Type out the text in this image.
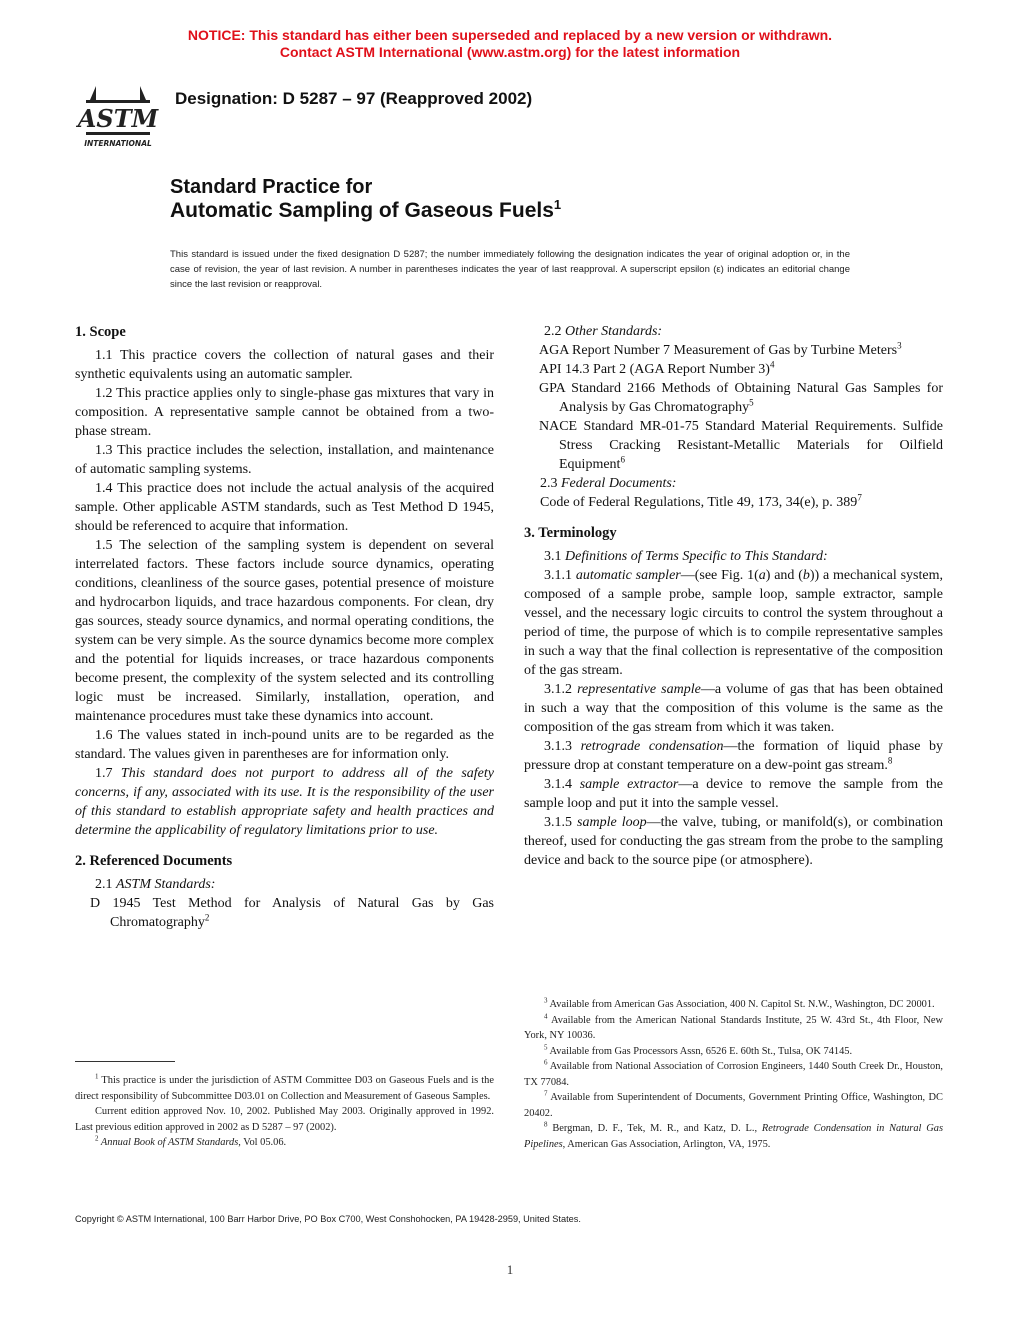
NOTICE: This standard has either been superseded and replaced by a new version or withdrawn.
Contact ASTM International (www.astm.org) for the latest information
ASTM
INTERNATIONAL
Designation: D 5287 – 97 (Reapproved 2002)
Standard Practice for
Automatic Sampling of Gaseous Fuels$^1$
This standard is issued under the fixed designation D 5287; the number immediately following the designation indicates the year of original adoption or, in the case of revision, the year of last revision. A number in parentheses indicates the year of last reapproval. A superscript epsilon (ε) indicates an editorial change since the last revision or reapproval.

1. Scope

1.1 This practice covers the collection of natural gases and their synthetic equivalents using an automatic sampler.

1.2 This practice applies only to single-phase gas mixtures that vary in composition. A representative sample cannot be obtained from a two-phase stream.

1.3 This practice includes the selection, installation, and maintenance of automatic sampling systems.

1.4 This practice does not include the actual analysis of the acquired sample. Other applicable ASTM standards, such as Test Method D 1945, should be referenced to acquire that information.

1.5 The selection of the sampling system is dependent on several interrelated factors. These factors include source dynamics, operating conditions, cleanliness of the source gases, potential presence of moisture and hydrocarbon liquids, and trace hazardous components. For clean, dry gas sources, steady source dynamics, and normal operating conditions, the system can be very simple. As the source dynamics become more complex and the potential for liquids increases, or trace hazardous components become present, the complexity of the system selected and its controlling logic must be increased. Similarly, installation, operation, and maintenance procedures must take these dynamics into account.

1.6 The values stated in inch-pound units are to be regarded as the standard. The values given in parentheses are for information only.

1.7 This standard does not purport to address all of the safety concerns, if any, associated with its use. It is the responsibility of the user of this standard to establish appropriate safety and health practices and determine the applicability of regulatory limitations prior to use.

2. Referenced Documents

2.1 ASTM Standards:

D 1945 Test Method for Analysis of Natural Gas by Gas Chromatography$^2$

2.2 Other Standards:

AGA Report Number 7 Measurement of Gas by Turbine Meters$^3$

API 14.3 Part 2 (AGA Report Number 3)$^4$

GPA Standard 2166 Methods of Obtaining Natural Gas Samples for Analysis by Gas Chromatography$^5$

NACE Standard MR-01-75 Standard Material Requirements. Sulfide Stress Cracking Resistant-Metallic Materials for Oilfield Equipment$^6$

2.3 Federal Documents:

Code of Federal Regulations, Title 49, 173, 34(e), p. $389^7$

3. Terminology

3.1 Definitions of Terms Specific to This Standard:

3.1.1 automatic sampler—(see Fig. 1(a) and (b)) a mechanical system, composed of a sample probe, sample loop, sample extractor, sample vessel, and the necessary logic circuits to control the system throughout a period of time, the purpose of which is to compile representative samples in such a way that the final collection is representative of the composition of the gas stream.

3.1.2 representative sample—a volume of gas that has been obtained in such a way that the composition of this volume is the same as the composition of the gas stream from which it was taken.

3.1.3 retrograde condensation—the formation of liquid phase by pressure drop at constant temperature on a dew-point gas stream.$^8$

3.1.4 sample extractor—a device to remove the sample from the sample loop and put it into the sample vessel.

3.1.5 sample loop—the valve, tubing, or manifold(s), or combination thereof, used for conducting the gas stream from the probe to the sampling device and back to the source pipe (or atmosphere).

$^1$ This practice is under the jurisdiction of ASTM Committee D03 on Gaseous Fuels and is the direct responsibility of Subcommittee D03.01 on Collection and Measurement of Gaseous Samples.

Current edition approved Nov. 10, 2002. Published May 2003. Originally approved in 1992. Last previous edition approved in 2002 as D 5287 – 97 (2002).

$^2$ Annual Book of ASTM Standards, Vol 05.06.

$^3$ Available from American Gas Association, 400 N. Capitol St. N.W., Washington, DC 20001.

$^4$ Available from the American National Standards Institute, 25 W. 43rd St., 4th Floor, New York, NY 10036.

$^5$ Available from Gas Processors Assn, 6526 E. 60th St., Tulsa, OK 74145.

$^6$ Available from National Association of Corrosion Engineers, 1440 South Creek Dr., Houston, TX 77084.

$^7$ Available from Superintendent of Documents, Government Printing Office, Washington, DC 20402.

$^8$ Bergman, D. F., Tek, M. R., and Katz, D. L., Retrograde Condensation in Natural Gas Pipelines, American Gas Association, Arlington, VA, 1975.

Copyright © ASTM International, 100 Barr Harbor Drive, PO Box C700, West Conshohocken, PA 19428-2959, United States.
1
